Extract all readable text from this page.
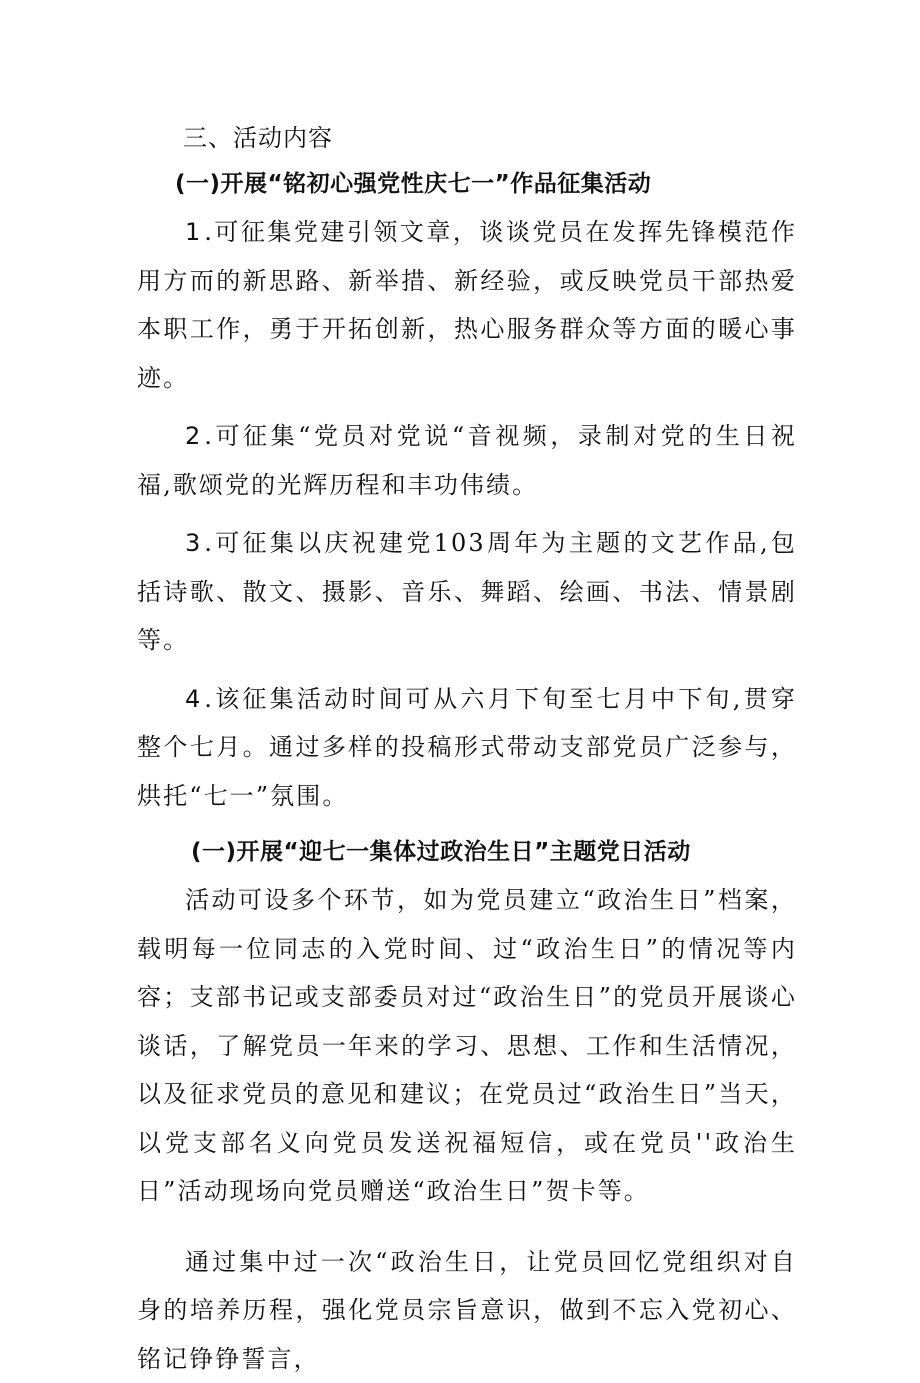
三、活动内容
(一)开展“铭初心强党性庆七一”作品征集活动

1.可征集党建引领文章，谈谈党员在发挥先锋模范作用方而的新思路、新举措、新经验，或反映党员干部热爱本职工作，勇于开拓创新，热心服务群众等方面的暖心事迹。

2.可征集“党员对党说“音视频，录制对党的生日祝福,歌颂党的光辉历程和丰功伟绩。

3.可征集以庆祝建党103周年为主题的文艺作品,包括诗歌、散文、摄影、音乐、舞蹈、绘画、书法、情景剧等。

4.该征集活动时间可从六月下旬至七月中下旬,贯穿整个七月。通过多样的投稿形式带动支部党员广泛参与，烘托“七一”氛围。

(一)开展“迎七一集体过政治生日”主题党日活动

活动可设多个环节，如为党员建立“政治生日”档案，载明每一位同志的入党时间、过“政治生日”的情况等内容；支部书记或支部委员对过“政治生日”的党员开展谈心谈话，了解党员一年来的学习、思想、工作和生活情况，以及征求党员的意见和建议；在党员过“政治生日”当天，以党支部名义向党员发送祝福短信，或在党员''政治生日”活动现场向党员赠送“政治生日”贺卡等。

通过集中过一次“政治生日，让党员回忆党组织对自身的培养历程，强化党员宗旨意识，做到不忘入党初心、铭记铮铮誓言，
